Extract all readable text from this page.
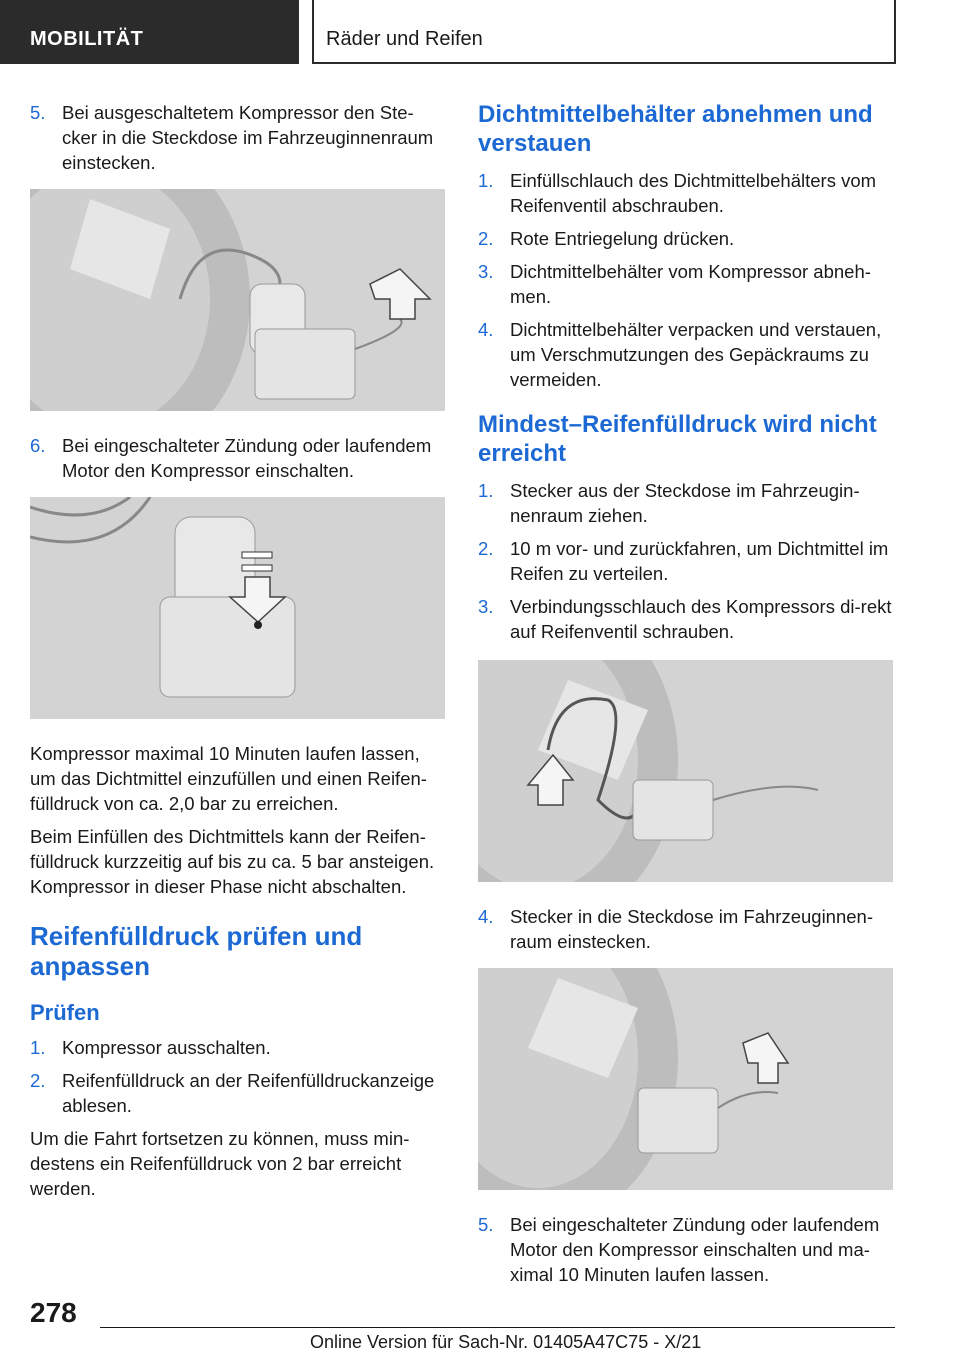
MOBILITÄT	Räder und Reifen
5. Bei ausgeschaltetem Kompressor den Ste‐cker in die Steckdose im Fahrzeuginnenraum einstecken.
6. Bei eingeschalteter Zündung oder laufendem Motor den Kompressor einschalten.

Kompressor maximal 10 Minuten laufen lassen, um das Dichtmittel einzufüllen und einen Reifen‐fülldruck von ca. 2,0 bar zu erreichen.

Beim Einfüllen des Dichtmittels kann der Reifen‐fülldruck kurzzeitig auf bis zu ca. 5 bar ansteigen. Kompressor in dieser Phase nicht abschalten.

Reifenfülldruck prüfen und anpassen
Prüfen
1. Kompressor ausschalten.
2. Reifenfülldruck an der Reifenfülldruckanzeige ablesen.

Um die Fahrt fortsetzen zu können, muss min‐destens ein Reifenfülldruck von 2 bar erreicht werden.

Dichtmittelbehälter abnehmen und verstauen
1. Einfüllschlauch des Dichtmittelbehälters vom Reifenventil abschrauben.
2. Rote Entriegelung drücken.
3. Dichtmittelbehälter vom Kompressor abneh‐men.
4. Dichtmittelbehälter verpacken und verstauen, um Verschmutzungen des Gepäckraums zu vermeiden.
Mindest–Reifenfülldruck wird nicht erreicht
1. Stecker aus der Steckdose im Fahrzeugin‐nenraum ziehen.
2. 10 m vor- und zurückfahren, um Dichtmittel im Reifen zu verteilen.
3. Verbindungsschlauch des Kompressors di‐rekt auf Reifenventil schrauben.
4. Stecker in die Steckdose im Fahrzeuginnen‐raum einstecken.
5. Bei eingeschalteter Zündung oder laufendem Motor den Kompressor einschalten und ma‐ximal 10 Minuten laufen lassen.
278
Online Version für Sach-Nr. 01405A47C75 - X/21
